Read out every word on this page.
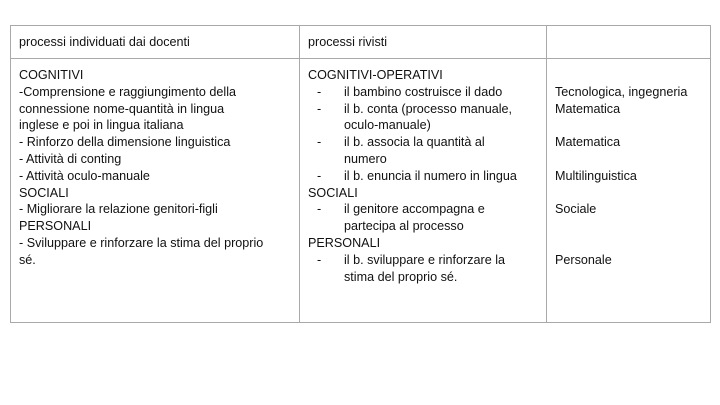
processi individuati dai docenti	processi rivisti
COGNITIVI
-Comprensione e raggiungimento della
connessione nome-quantità in lingua
inglese e poi in lingua italiana
- Rinforzo della dimensione linguistica
- Attività di conting
- Attività oculo-manuale
SOCIALI
- Migliorare la relazione genitori-figli
PERSONALI
- Sviluppare e rinforzare la stima del proprio
sé.
COGNITIVI-OPERATIVI
- il bambino costruisce il dado
- il b. conta (processo manuale,
oculo-manuale)
- il b. associa la quantità al
numero
- il b. enuncia il numero in lingua
SOCIALI
- il genitore accompagna e
partecipa al processo
PERSONALI
- il b. sviluppare e rinforzare la
stima del proprio sé.
Tecnologica, ingegneria
Matematica
Matematica
Multilinguistica
Sociale
Personale
